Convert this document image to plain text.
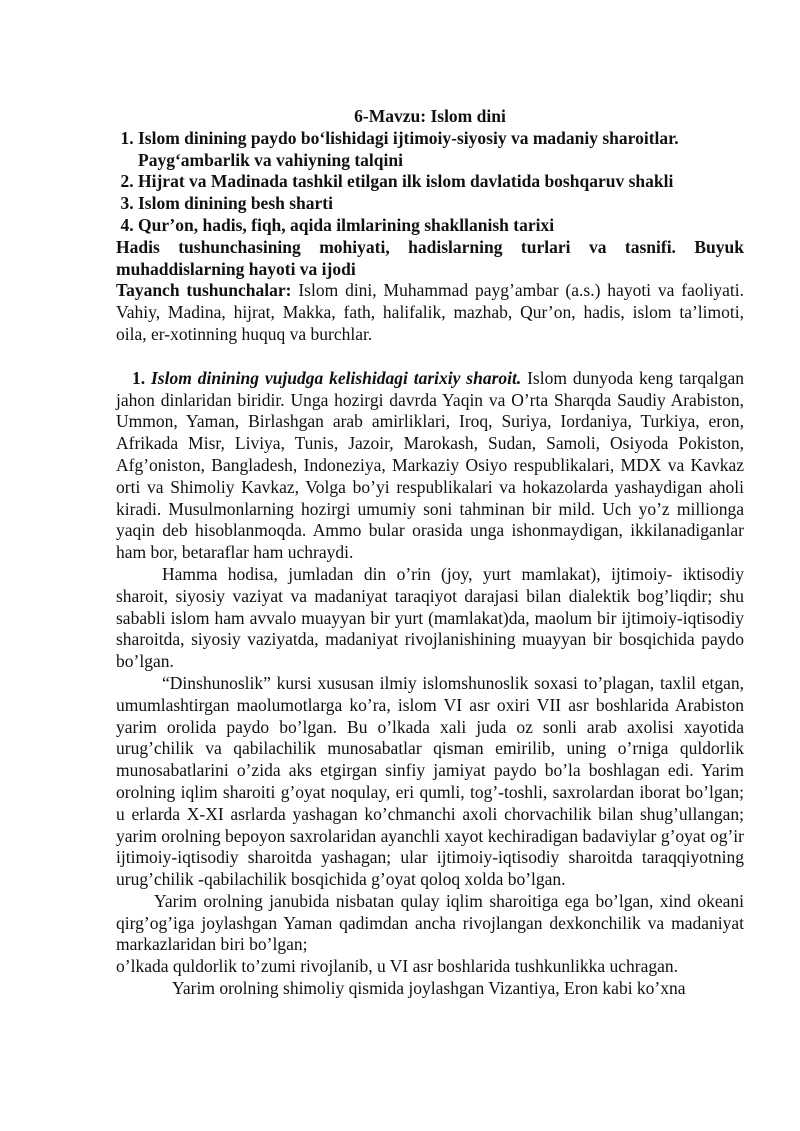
6-Mavzu: Islom dini

1. Islom dinining paydo bo‘lishidagi ijtimoiy-siyosiy va madaniy sharoitlar. Payg‘ambarlik va vahiyning talqini
2. Hijrat va Madinada tashkil etilgan ilk islom davlatida boshqaruv shakli
3. Islom dinining besh sharti
4. Qur’on, hadis, fiqh, aqida ilmlarining shakllanish tarixi

Hadis tushunchasining mohiyati, hadislarning turlari va tasnifi. Buyuk muhaddislarning hayoti va ijodi

Tayanch tushunchalar: Islom dini, Muhammad payg’ambar (a.s.) hayoti va faoliyati. Vahiy, Madina, hijrat, Makka, fath, halifalik, mazhab, Qur’on, hadis, islom ta’limoti, oila, er-xotinning huquq va burchlar.

1. Islom dinining vujudga kelishidagi tarixiy sharoit. Islom dunyoda keng tarqalgan jahon dinlaridan biridir. Unga hozirgi davrda Yaqin va O’rta Sharqda Saudiy Arabiston, Ummon, Yaman, Birlashgan arab amirliklari, Iroq, Suriya, Iordaniya, Turkiya, eron, Afrikada Misr, Liviya, Tunis, Jazoir, Marokash, Sudan, Samoli, Osiyoda Pokiston, Afg’oniston, Bangladesh, Indoneziya, Markaziy Osiyo respublikalari, MDX va Kavkaz orti va Shimoliy Kavkaz, Volga bo’yi respublikalari va hokazolarda yashaydigan aholi kiradi. Musulmonlarning hozirgi umumiy soni tahminan bir mild. Uch yo’z millionga yaqin deb hisoblanmoqda. Ammo bular orasida unga ishonmaydigan, ikkilanadiganlar ham bor, betaraflar ham uchraydi.

Hamma hodisa, jumladan din o’rin (joy, yurt mamlakat), ijtimoiy- iktisodiy sharoit, siyosiy vaziyat va madaniyat taraqiyot darajasi bilan dialektik bog’liqdir; shu sababli islom ham avvalo muayyan bir yurt (mamlakat)da, maolum bir ijtimoiy-iqtisodiy sharoitda, siyosiy vaziyatda, madaniyat rivojlanishining muayyan bir bosqichida paydo bo’lgan.

“Dinshunoslik” kursi xususan ilmiy islomshunoslik soxasi to’plagan, taxlil etgan, umumlashtirgan maolumotlarga ko’ra, islom VI asr oxiri VII asr boshlarida Arabiston yarim orolida paydo bo’lgan. Bu o’lkada xali juda oz sonli arab axolisi xayotida urug’chilik va qabilachilik munosabatlar qisman emirilib, uning o’rniga quldorlik munosabatlarini o’zida aks etgirgan sinfiy jamiyat paydo bo’la boshlagan edi. Yarim orolning iqlim sharoiti g’oyat noqulay, eri qumli, tog’-toshli, saxrolardan iborat bo’lgan; u erlarda X-XI asrlarda yashagan ko’chmanchi axoli chorvachilik bilan shug’ullangan; yarim orolning bepoyon saxrolaridan ayanchli xayot kechiradigan badaviylar g’oyat og’ir ijtimoiy-iqtisodiy sharoitda yashagan; ular ijtimoiy-iqtisodiy sharoitda taraqqiyotning urug’chilik -qabilachilik bosqichida g’oyat qoloq xolda bo’lgan.

Yarim orolning janubida nisbatan qulay iqlim sharoitiga ega bo’lgan, xind okeani qirg’og’iga joylashgan Yaman qadimdan ancha rivojlangan dexkonchilik va madaniyat markazlaridan biri bo’lgan;

o’lkada quldorlik to’zumi rivojlanib, u VI asr boshlarida tushkunlikka uchragan.

Yarim orolning shimoliy qismida joylashgan Vizantiya, Eron kabi ko’xna
